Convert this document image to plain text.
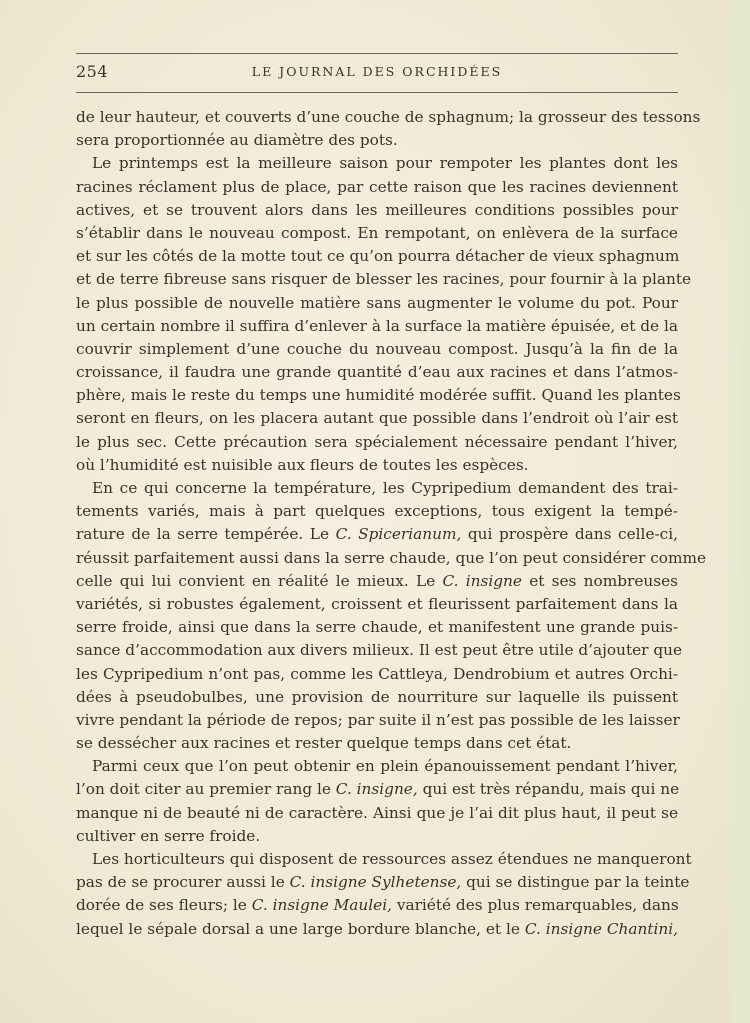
254	LE JOURNAL DES ORCHIDÉES
de leur hauteur, et couverts d’une couche de sphagnum; la grosseur des tessons
sera proportionnée au diamètre des pots.
Le printemps est la meilleure saison pour rempoter les plantes dont les
racines réclament plus de place, par cette raison que les racines deviennent
actives, et se trouvent alors dans les meilleures conditions possibles pour
s’établir dans le nouveau compost. En rempotant, on enlèvera de la surface
et sur les côtés de la motte tout ce qu’on pourra détacher de vieux sphagnum
et de terre fibreuse sans risquer de blesser les racines, pour fournir à la plante
le plus possible de nouvelle matière sans augmenter le volume du pot. Pour
un certain nombre il suffira d’enlever à la surface la matière épuisée, et de la
couvrir simplement d’une couche du nouveau compost. Jusqu’à la fin de la
croissance, il faudra une grande quantité d’eau aux racines et dans l’atmos-
phère, mais le reste du temps une humidité modérée suffit. Quand les plantes
seront en fleurs, on les placera autant que possible dans l’endroit où l’air est
le plus sec. Cette précaution sera spécialement nécessaire pendant l’hiver,
où l’humidité est nuisible aux fleurs de toutes les espèces.
En ce qui concerne la température, les Cypripedium demandent des trai-
tements variés, mais à part quelques exceptions, tous exigent la tempé-
rature de la serre tempérée. Le C. Spicerianum, qui prospère dans celle-ci,
réussit parfaitement aussi dans la serre chaude, que l’on peut considérer comme
celle qui lui convient en réalité le mieux. Le C. insigne et ses nombreuses
variétés, si robustes également, croissent et fleurissent parfaitement dans la
serre froide, ainsi que dans la serre chaude, et manifestent une grande puis-
sance d’accommodation aux divers milieux. Il est peut être utile d’ajouter que
les Cypripedium n’ont pas, comme les Cattleya, Dendrobium et autres Orchi-
dées à pseudobulbes, une provision de nourriture sur laquelle ils puissent
vivre pendant la période de repos; par suite il n’est pas possible de les laisser
se dessécher aux racines et rester quelque temps dans cet état.
Parmi ceux que l’on peut obtenir en plein épanouissement pendant l’hiver,
l’on doit citer au premier rang le C. insigne, qui est très répandu, mais qui ne
manque ni de beauté ni de caractère. Ainsi que je l’ai dit plus haut, il peut se
cultiver en serre froide.
Les horticulteurs qui disposent de ressources assez étendues ne manqueront
pas de se procurer aussi le C. insigne Sylhetense, qui se distingue par la teinte
dorée de ses fleurs; le C. insigne Maulei, variété des plus remarquables, dans
lequel le sépale dorsal a une large bordure blanche, et le C. insigne Chantini,
